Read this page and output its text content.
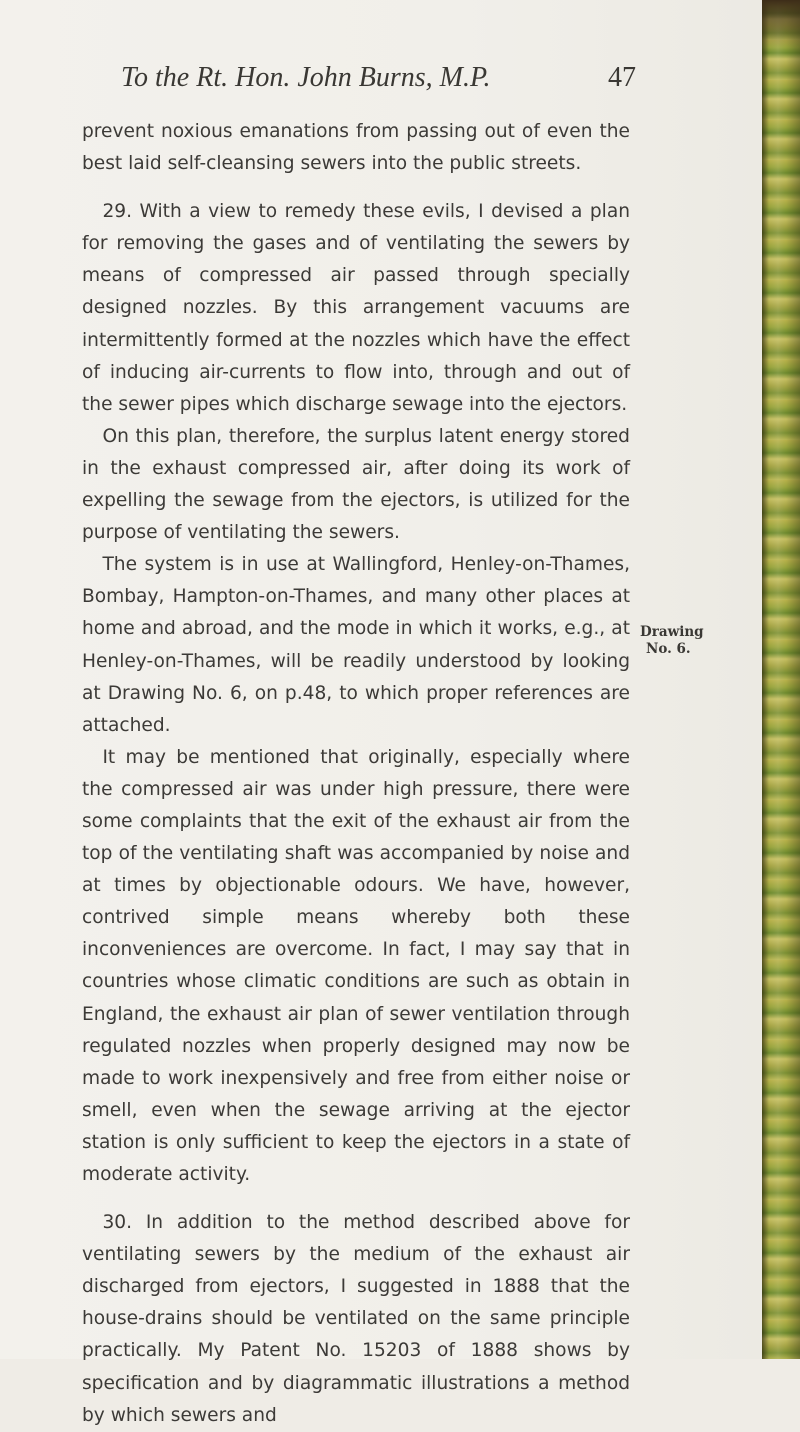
To the Rt. Hon. John Burns, M.P.	47

prevent noxious emanations from passing out of even the best laid self-cleansing sewers into the public streets.

29. With a view to remedy these evils, I devised a plan for removing the gases and of ventilating the sewers by means of compressed air passed through specially designed nozzles. By this arrangement vacuums are intermittently formed at the nozzles which have the effect of inducing air-currents to flow into, through and out of the sewer pipes which discharge sewage into the ejectors.

On this plan, therefore, the surplus latent energy stored in the exhaust compressed air, after doing its work of expelling the sewage from the ejectors, is utilized for the purpose of ventilating the sewers.

The system is in use at Wallingford, Henley-on-Thames, Bombay, Hampton-on-Thames, and many other places at home and abroad, and the mode in which it works, e.g., at Henley-on-Thames, will be readily understood by looking at Drawing No. 6, on p.48, to which proper references are attached.

It may be mentioned that originally, especially where the compressed air was under high pressure, there were some complaints that the exit of the exhaust air from the top of the ventilating shaft was accompanied by noise and at times by objectionable odours. We have, however, contrived simple means whereby both these inconveniences are overcome. In fact, I may say that in countries whose climatic conditions are such as obtain in England, the exhaust air plan of sewer ventilation through regulated nozzles when properly designed may now be made to work inexpensively and free from either noise or smell, even when the sewage arriving at the ejector station is only sufficient to keep the ejectors in a state of moderate activity.

30. In addition to the method described above for ventilating sewers by the medium of the exhaust air discharged from ejectors, I suggested in 1888 that the house-drains should be ventilated on the same principle practically. My Patent No. 15203 of 1888 shows by specification and by diagrammatic illustrations a method by which sewers and

Drawing
No. 6.
